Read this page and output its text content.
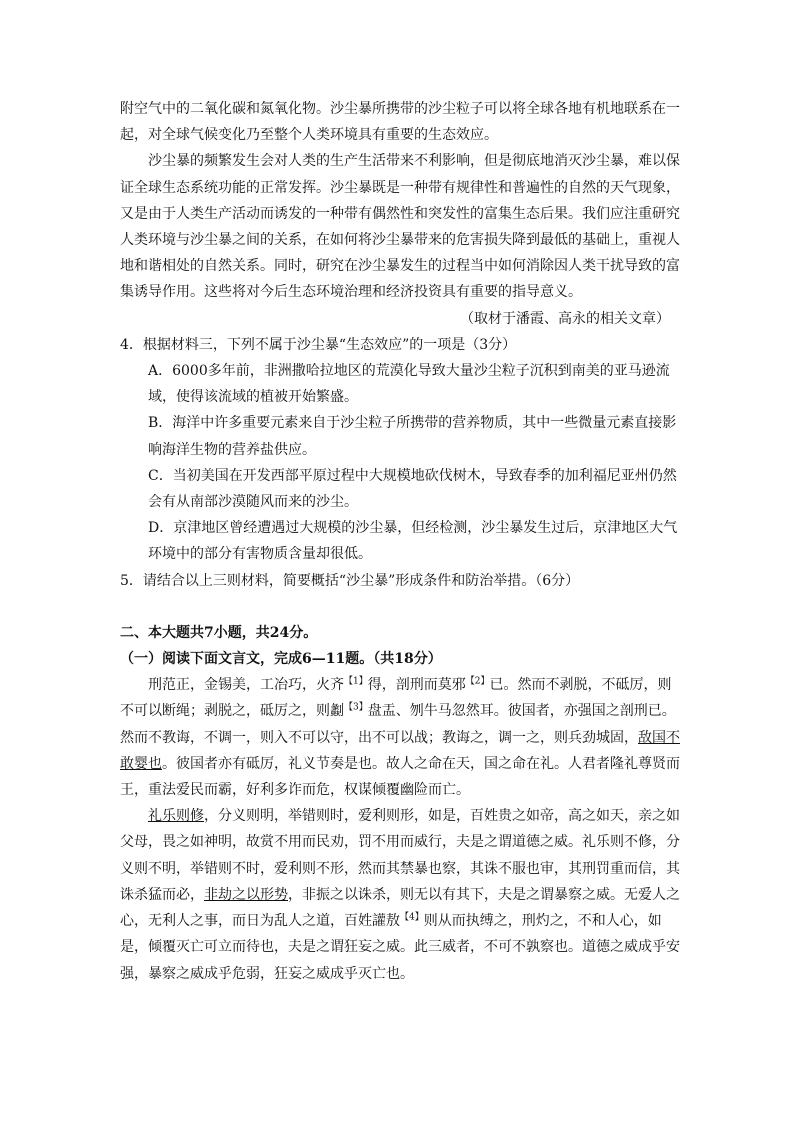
附空气中的二氧化碳和氮氧化物。沙尘暴所携带的沙尘粒子可以将全球各地有机地联系在一起，对全球气候变化乃至整个人类环境具有重要的生态效应。

沙尘暴的频繁发生会对人类的生产生活带来不利影响，但是彻底地消灭沙尘暴，难以保证全球生态系统功能的正常发挥。沙尘暴既是一种带有规律性和普遍性的自然的天气现象，又是由于人类生产活动而诱发的一种带有偶然性和突发性的富集生态后果。我们应注重研究人类环境与沙尘暴之间的关系，在如何将沙尘暴带来的危害损失降到最低的基础上，重视人地和谐相处的自然关系。同时，研究在沙尘暴发生的过程当中如何消除因人类干扰导致的富集诱导作用。这些将对今后生态环境治理和经济投资具有重要的指导意义。

（取材于潘霞、高永的相关文章）

4．根据材料三，下列不属于沙尘暴“生态效应”的一项是（3分）

A．6000多年前，非洲撒哈拉地区的荒漠化导致大量沙尘粒子沉积到南美的亚马逊流域，使得该流域的植被开始繁盛。

B．海洋中许多重要元素来自于沙尘粒子所携带的营养物质，其中一些微量元素直接影响海洋生物的营养盐供应。

C．当初美国在开发西部平原过程中大规模地砍伐树木，导致春季的加利福尼亚州仍然会有从南部沙漠随风而来的沙尘。

D．京津地区曾经遭遇过大规模的沙尘暴，但经检测，沙尘暴发生过后，京津地区大气环境中的部分有害物质含量却很低。

5．请结合以上三则材料，简要概括“沙尘暴”形成条件和防治举措。（6分）

二、本大题共7小题，共24分。

（一）阅读下面文言文，完成6—11题。（共18分）

刑范正，金锡美，工冶巧，火齐$^{【1】}$得，剖刑而莫邪$^{【2】}$已。然而不剥脱，不砥厉，则不可以断绳；剥脱之，砥厉之，则劙$^{【3】}$盘盂、刎牛马忽然耳。彼国者，亦强国之剖刑已。然而不教诲，不调一，则入不可以守，出不可以战；教诲之，调一之，则兵劲城固，敌国不敢婴也。彼国者亦有砥厉，礼义节奏是也。故人之命在天，国之命在礼。人君者隆礼尊贤而王，重法爱民而霸，好利多诈而危，权谋倾覆幽险而亡。

礼乐则修，分义则明，举错则时，爱利则形，如是，百姓贵之如帝，高之如天，亲之如父母，畏之如神明，故赏不用而民劝，罚不用而威行，夫是之谓道德之威。礼乐则不修，分义则不明，举错则不时，爱利则不形，然而其禁暴也察，其诛不服也审，其刑罚重而信，其诛杀猛而必，非劫之以形势，非振之以诛杀，则无以有其下，夫是之谓暴察之威。无爱人之心，无利人之事，而日为乱人之道，百姓讙敖$^{【4】}$则从而执缚之，刑灼之，不和人心，如是，倾覆灭亡可立而待也，夫是之谓狂妄之威。此三威者，不可不孰察也。道德之威成乎安强，暴察之威成乎危弱，狂妄之威成乎灭亡也。
